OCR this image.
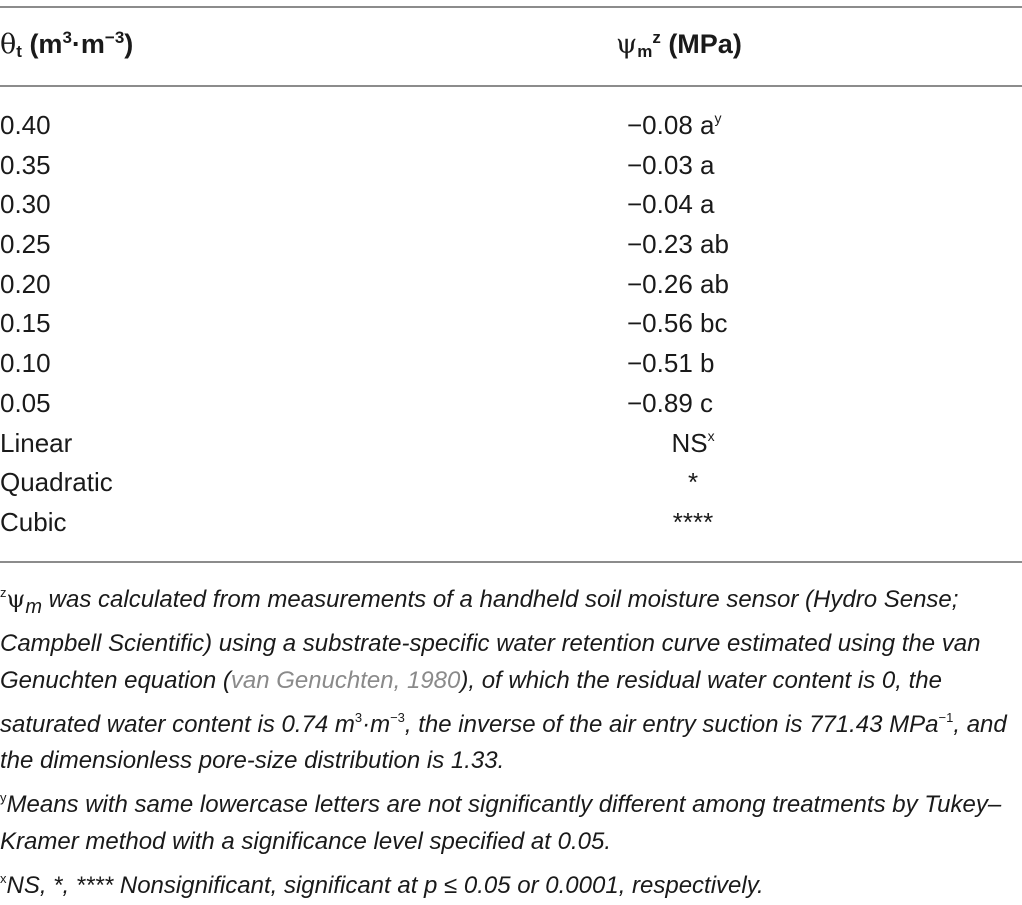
$\theta_t$ $(m^3\cdot m^{-3})$	$\psi_m^z$ (MPa)
0.40	−0.08 $a^y$
0.35	−0.03 a
0.30	−0.04 a
0.25	−0.23 ab
0.20	−0.26 ab
0.15	−0.56 bc
0.10	−0.51 b
0.05	−0.89 c
Linear	$NS^x$
Quadratic	*
Cubic	****

$^z\psi_m$ was calculated from measurements of a handheld soil moisture sensor (Hydro Sense; Campbell Scientific) using a substrate-specific water retention curve estimated using the van Genuchten equation (van Genuchten, 1980), of which the residual water content is 0, the saturated water content is 0.74 $m^3\cdot m^{-3}$, the inverse of the air entry suction is 771.43 MPa$^{-1}$, and the dimensionless pore-size distribution is 1.33.

$^y$Means with same lowercase letters are not significantly different among treatments by Tukey–Kramer method with a significance level specified at 0.05.

$^x$NS, *, **** Nonsignificant, significant at p ≤ 0.05 or 0.0001, respectively.
